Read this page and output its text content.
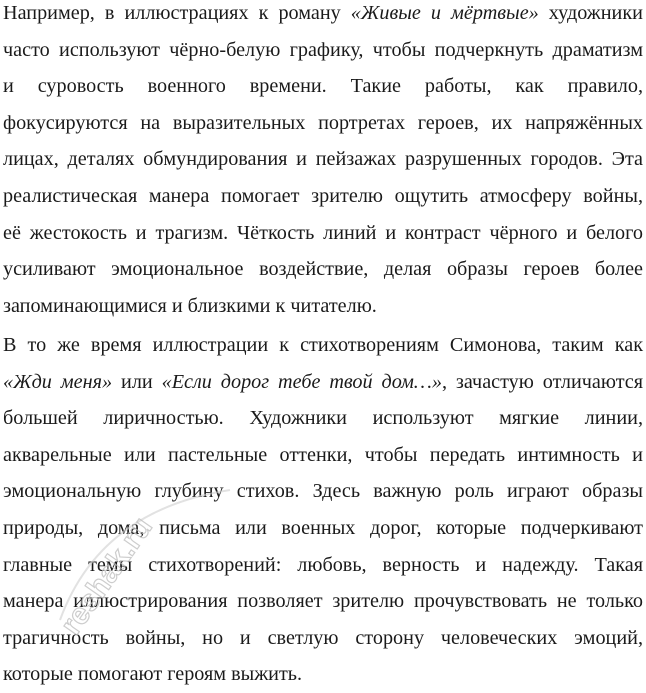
Например, в иллюстрациях к роману «Живые и мёртвые» художники
часто используют чёрно-белую графику, чтобы подчеркнуть драматизм
и суровость военного времени. Такие работы, как правило,
фокусируются на выразительных портретах героев, их напряжённых
лицах, деталях обмундирования и пейзажах разрушенных городов. Эта
реалистическая манера помогает зрителю ощутить атмосферу войны,
её жестокость и трагизм. Чёткость линий и контраст чёрного и белого
усиливают эмоциональное воздействие, делая образы героев более
запоминающимися и близкими к читателю.
В то же время иллюстрации к стихотворениям Симонова, таким как
«Жди меня» или «Если дорог тебе твой дом…», зачастую отличаются
большей лиричностью. Художники используют мягкие линии,
акварельные или пастельные оттенки, чтобы передать интимность и
эмоциональную глубину стихов. Здесь важную роль играют образы
природы, дома, письма или военных дорог, которые подчеркивают
главные темы стихотворений: любовь, верность и надежду. Такая
манера иллюстрирования позволяет зрителю прочувствовать не только
трагичность войны, но и светлую сторону человеческих эмоций,
которые помогают героям выжить.
reshak.ru
